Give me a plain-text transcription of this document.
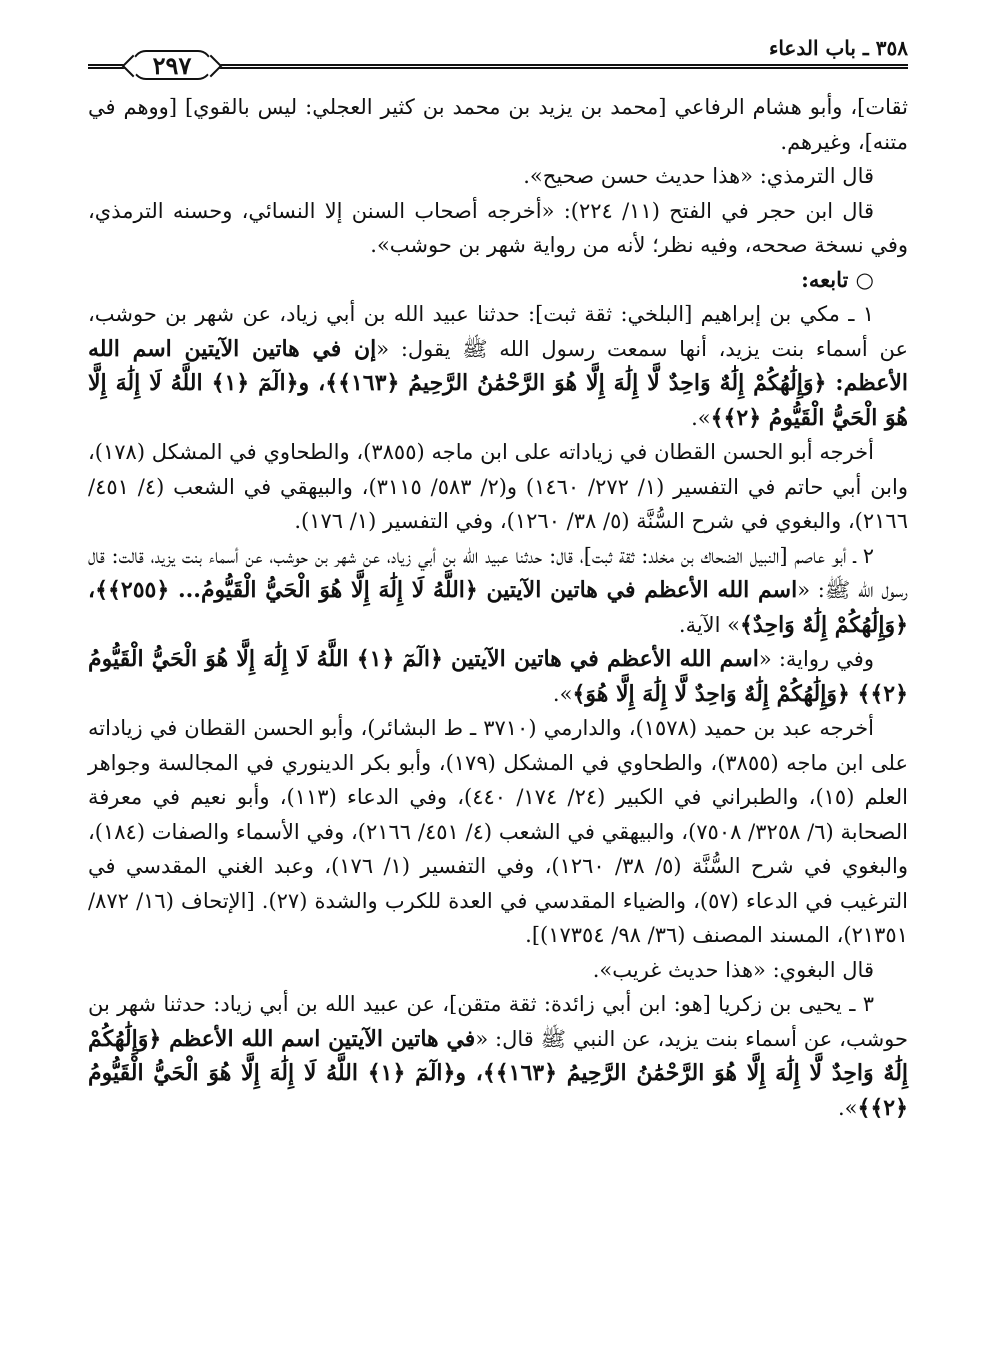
٣٥٨ ـ باب الدعاء
٢٩٧

ثقات]، وأبو هشام الرفاعي [محمد بن يزيد بن محمد بن كثير العجلي: ليس بالقوي] [ووهم في متنه]، وغيرهم.

قال الترمذي: «هذا حديث حسن صحيح».

قال ابن حجر في الفتح (١١/ ٢٢٤): «أخرجه أصحاب السنن إلا النسائي، وحسنه الترمذي، وفي نسخة صححه، وفيه نظر؛ لأنه من رواية شهر بن حوشب».

○ تابعه:

١ ـ مكي بن إبراهيم [البلخي: ثقة ثبت]: حدثنا عبيد الله بن أبي زياد، عن شهر بن حوشب، عن أسماء بنت يزيد، أنها سمعت رسول الله ﷺ يقول: «إن في هاتين الآيتين اسم الله الأعظم: ﴿وَإِلَٰهُكُمْ إِلَٰهٌ وَاحِدٌ لَّا إِلَٰهَ إِلَّا هُوَ الرَّحْمَٰنُ الرَّحِيمُ ﴿١٦٣﴾﴾، و﴿الٓمٓ ﴿١﴾ اللَّهُ لَا إِلَٰهَ إِلَّا هُوَ الْحَيُّ الْقَيُّومُ ﴿٢﴾﴾».

أخرجه أبو الحسن القطان في زياداته على ابن ماجه (٣٨٥٥)، والطحاوي في المشكل (١٧٨)، وابن أبي حاتم في التفسير (١/ ٢٧٢/ ١٤٦٠) و(٢/ ٥٨٣/ ٣١١٥)، والبيهقي في الشعب (٤/ ٤٥١/ ٢١٦٦)، والبغوي في شرح السُّنَّة (٥/ ٣٨/ ١٢٦٠)، وفي التفسير (١/ ١٧٦).

٢ ـ أبو عاصم [النبيل الضحاك بن مخلد: ثقة ثبت]، قال: حدثنا عبيد الله بن أبي زياد، عن شهر بن حوشب، عن أسماء بنت يزيد، قالت: قال رسول الله ﷺ: «اسم الله الأعظم في هاتين الآيتين ﴿اللَّهُ لَا إِلَٰهَ إِلَّا هُوَ الْحَيُّ الْقَيُّومُ... ﴿٢٥٥﴾﴾، ﴿وَإِلَٰهُكُمْ إِلَٰهٌ وَاحِدٌ﴾» الآية.

وفي رواية: «اسم الله الأعظم في هاتين الآيتين ﴿الٓمٓ ﴿١﴾ اللَّهُ لَا إِلَٰهَ إِلَّا هُوَ الْحَيُّ الْقَيُّومُ ﴿٢﴾﴾ ﴿وَإِلَٰهُكُمْ إِلَٰهٌ وَاحِدٌ لَّا إِلَٰهَ إِلَّا هُوَ﴾».

أخرجه عبد بن حميد (١٥٧٨)، والدارمي (٣٧١٠ ـ ط البشائر)، وأبو الحسن القطان في زياداته على ابن ماجه (٣٨٥٥)، والطحاوي في المشكل (١٧٩)، وأبو بكر الدينوري في المجالسة وجواهر العلم (١٥)، والطبراني في الكبير (٢٤/ ١٧٤/ ٤٤٠)، وفي الدعاء (١١٣)، وأبو نعيم في معرفة الصحابة (٦/ ٣٢٥٨/ ٧٥٠٨)، والبيهقي في الشعب (٤/ ٤٥١/ ٢١٦٦)، وفي الأسماء والصفات (١٨٤)، والبغوي في شرح السُّنَّة (٥/ ٣٨/ ١٢٦٠)، وفي التفسير (١/ ١٧٦)، وعبد الغني المقدسي في الترغيب في الدعاء (٥٧)، والضياء المقدسي في العدة للكرب والشدة (٢٧). [الإتحاف (١٦/ ٨٧٢/ ٢١٣٥١)، المسند المصنف (٣٦/ ٩٨/ ١٧٣٥٤)].

قال البغوي: «هذا حديث غريب».

٣ ـ يحيى بن زكريا [هو: ابن أبي زائدة: ثقة متقن]، عن عبيد الله بن أبي زياد: حدثنا شهر بن حوشب، عن أسماء بنت يزيد، عن النبي ﷺ قال: «في هاتين الآيتين اسم الله الأعظم ﴿وَإِلَٰهُكُمْ إِلَٰهٌ وَاحِدٌ لَّا إِلَٰهَ إِلَّا هُوَ الرَّحْمَٰنُ الرَّحِيمُ ﴿١٦٣﴾﴾، و﴿الٓمٓ ﴿١﴾ اللَّهُ لَا إِلَٰهَ إِلَّا هُوَ الْحَيُّ الْقَيُّومُ ﴿٢﴾﴾».
